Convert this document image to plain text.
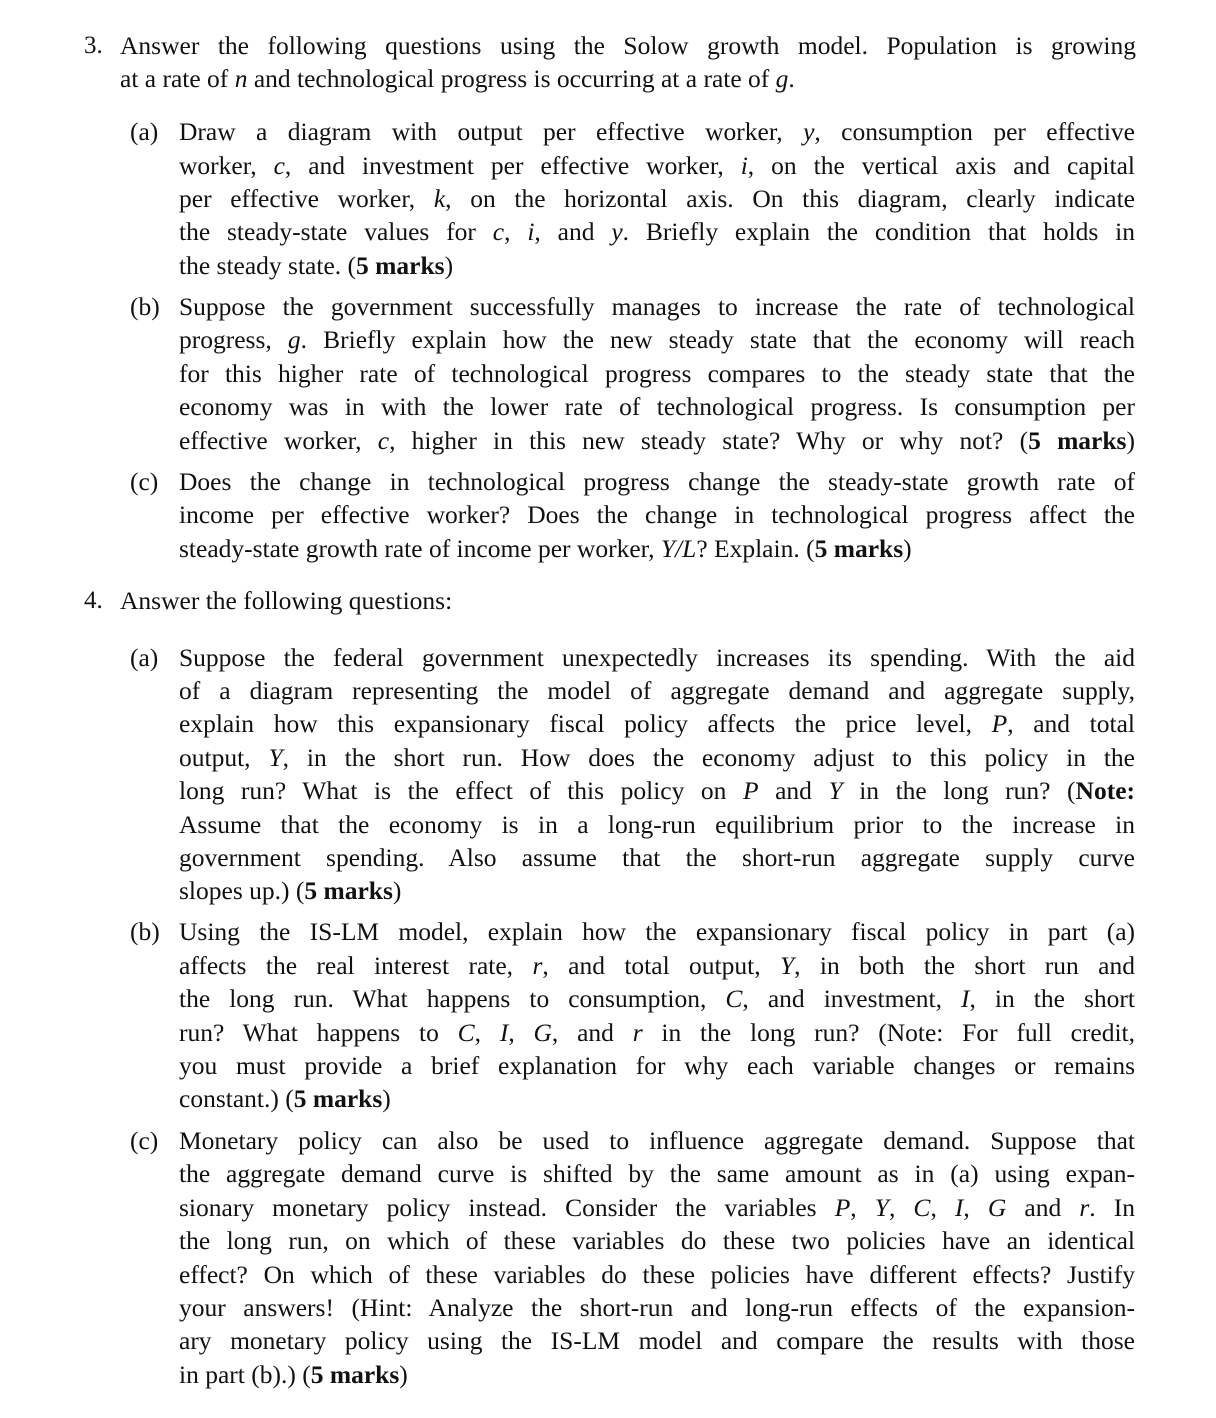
3. Answer the following questions using the Solow growth model. Population is growing
at a rate of n and technological progress is occurring at a rate of g.
(a) Draw a diagram with output per effective worker, y, consumption per effective
worker, c, and investment per effective worker, i, on the vertical axis and capital
per effective worker, k, on the horizontal axis. On this diagram, clearly indicate
the steady-state values for c, i, and y. Briefly explain the condition that holds in
the steady state. (5 marks)
(b) Suppose the government successfully manages to increase the rate of technological
progress, g. Briefly explain how the new steady state that the economy will reach
for this higher rate of technological progress compares to the steady state that the
economy was in with the lower rate of technological progress. Is consumption per
effective worker, c, higher in this new steady state? Why or why not? (5 marks)
(c) Does the change in technological progress change the steady-state growth rate of
income per effective worker? Does the change in technological progress affect the
steady-state growth rate of income per worker, Y/L? Explain. (5 marks)
4. Answer the following questions:
(a) Suppose the federal government unexpectedly increases its spending. With the aid
of a diagram representing the model of aggregate demand and aggregate supply,
explain how this expansionary fiscal policy affects the price level, P, and total
output, Y, in the short run. How does the economy adjust to this policy in the
long run? What is the effect of this policy on P and Y in the long run? (Note:
Assume that the economy is in a long-run equilibrium prior to the increase in
government spending. Also assume that the short-run aggregate supply curve
slopes up.) (5 marks)
(b) Using the IS-LM model, explain how the expansionary fiscal policy in part (a)
affects the real interest rate, r, and total output, Y, in both the short run and
the long run. What happens to consumption, C, and investment, I, in the short
run? What happens to C, I, G, and r in the long run? (Note: For full credit,
you must provide a brief explanation for why each variable changes or remains
constant.) (5 marks)
(c) Monetary policy can also be used to influence aggregate demand. Suppose that
the aggregate demand curve is shifted by the same amount as in (a) using expan-
sionary monetary policy instead. Consider the variables P, Y, C, I, G and r. In
the long run, on which of these variables do these two policies have an identical
effect? On which of these variables do these policies have different effects? Justify
your answers! (Hint: Analyze the short-run and long-run effects of the expansion-
ary monetary policy using the IS-LM model and compare the results with those
in part (b).) (5 marks)
